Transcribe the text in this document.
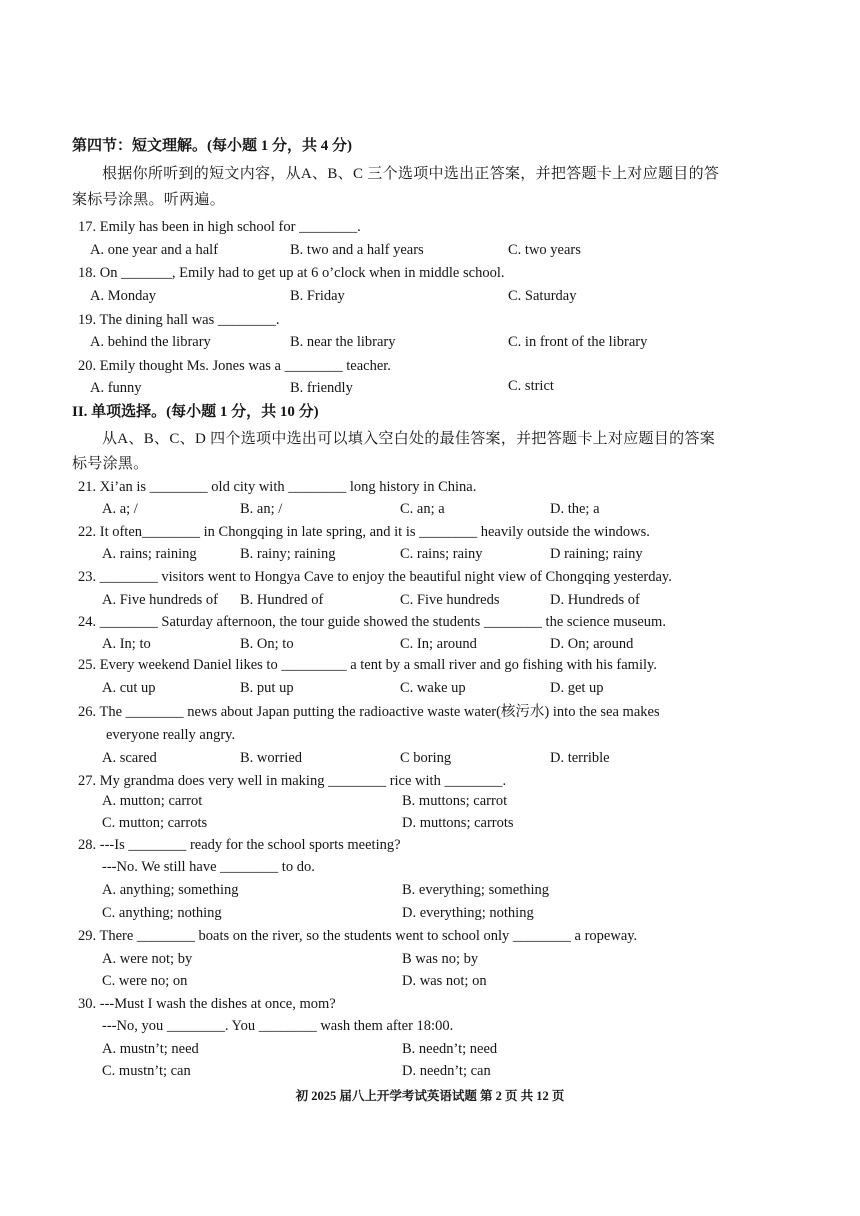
第四节：短文理解。(每小题 1 分，共 4 分)
根据你所听到的短文内容，从A、B、C 三个选项中选出正答案，并把答题卡上对应题目的答
案标号涂黑。听两遍。
17. Emily has been in high school for ________.
A. one year and a half	B. two and a half years	C. two years
18. On _______, Emily had to get up at 6 o’clock when in middle school.
A. Monday	B. Friday	C. Saturday
19. The dining hall was ________.
A. behind the library	B. near the library	C. in front of the library
20. Emily thought Ms. Jones was a ________ teacher.
A. funny	B. friendly	C. strict
II. 单项选择。(每小题 1 分，共 10 分)
从A、B、C、D 四个选项中选出可以填入空白处的最佳答案，并把答题卡上对应题目的答案
标号涂黑。
21. Xi’an is ________ old city with ________ long history in China.
A. a; /	B. an; /	C. an; a	D. the; a
22. It often________ in Chongqing in late spring, and it is ________ heavily outside the windows.
A. rains; raining	B. rainy; raining	C. rains; rainy	D raining; rainy
23. ________ visitors went to Hongya Cave to enjoy the beautiful night view of Chongqing yesterday.
A. Five hundreds of B. Hundred of	C. Five hundreds	D. Hundreds of
24. ________ Saturday afternoon, the tour guide showed the students ________ the science museum.
A. In; to	B. On; to	C. In; around	D. On; around
25. Every weekend Daniel likes to _________ a tent by a small river and go fishing with his family.
A. cut up	B. put up	C. wake up	D. get up
26. The ________ news about Japan putting the radioactive waste water(核污水) into the sea makes
everyone really angry.
A. scared	B. worried	C boring	D. terrible
27. My grandma does very well in making ________ rice with ________.
A. mutton; carrot	B. muttons; carrot
C. mutton; carrots	D. muttons; carrots
28. ---Is ________ ready for the school sports meeting?
---No. We still have ________ to do.
A. anything; something	B. everything; something
C. anything; nothing	D. everything; nothing
29. There ________ boats on the river, so the students went to school only ________ a ropeway.
A. were not; by	B was no; by
C. were no; on	D. was not; on
30. ---Must I wash the dishes at once, mom?
---No, you ________. You ________ wash them after 18:00.
A. mustn’t; need	B. needn’t; need
C. mustn’t; can	D. needn’t; can
初 2025 届八上开学考试英语试题 第 2 页 共 12 页
